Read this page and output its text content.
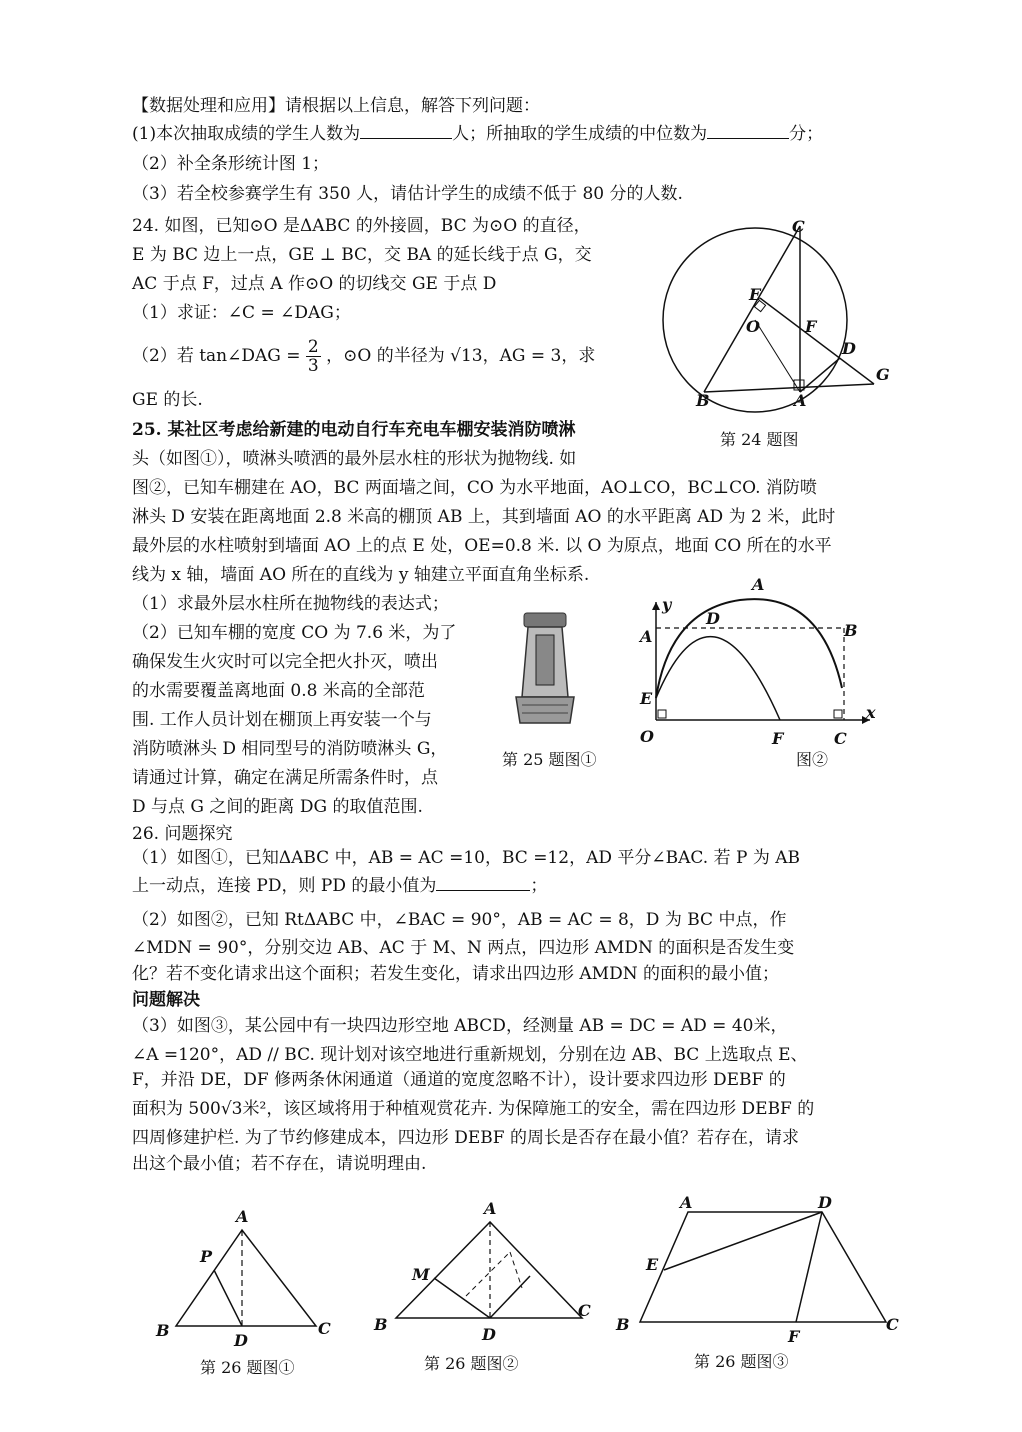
【数据处理和应用】请根据以上信息，解答下列问题：
(1)本次抽取成绩的学生人数为	人；所抽取的学生成绩的中位数为	分；
（2）补全条形统计图 1；
（3）若全校参赛学生有 350 人，请估计学生的成绩不低于 80 分的人数.
24. 如图，已知⊙O 是ΔABC 的外接圆，BC 为⊙O 的直径，
E 为 BC 边上一点，GE ⊥ BC，交 BA 的延长线于点 G，交
AC 于点 F，过点 A 作⊙O 的切线交 GE 于点 D
（1）求证：∠C = ∠DAG；
（2）若 tan∠DAG = $\frac{2}{3}$ ，⊙O 的半径为 √13，AG = 3，求
GE 的长.
C
E
O	F
D
G
B	A
第 24 题图
25. 某社区考虑给新建的电动自行车充电车棚安装消防喷淋
头（如图①），喷淋头喷洒的最外层水柱的形状为抛物线. 如
图②，已知车棚建在 AO，BC 两面墙之间，CO 为水平地面，AO⊥CO，BC⊥CO. 消防喷
淋头 D 安装在距离地面 2.8 米高的棚顶 AB 上，其到墙面 AO 的水平距离 AD 为 2 米，此时
最外层的水柱喷射到墙面 AO 上的点 E 处，OE=0.8 米. 以 O 为原点，地面 CO 所在的水平
线为 x 轴，墙面 AO 所在的直线为 y 轴建立平面直角坐标系.
（1）求最外层水柱所在抛物线的表达式；
（2）已知车棚的宽度 CO 为 7.6 米，为了
确保发生火灾时可以完全把火扑灭，喷出
的水需要覆盖离地面 0.8 米高的全部范
围. 工作人员计划在棚顶上再安装一个与
消防喷淋头 D 相同型号的消防喷淋头 G，
请通过计算，确定在满足所需条件时，点
D 与点 G 之间的距离 DG 的取值范围.
第 25 题图①
y
A
A
D
B
E
O	F	C
x
图②
26. 问题探究
（1）如图①，已知ΔABC 中，AB = AC =10，BC =12，AD 平分∠BAC. 若 P 为 AB
上一动点，连接 PD，则 PD 的最小值为	；
（2）如图②，已知 RtΔABC 中，∠BAC = 90°，AB = AC = 8，D 为 BC 中点，作
∠MDN = 90°，分别交边 AB、AC 于 M、N 两点，四边形 AMDN 的面积是否发生变
化？若不变化请求出这个面积；若发生变化，请求出四边形 AMDN 的面积的最小值；
问题解决
（3）如图③，某公园中有一块四边形空地 ABCD，经测量 AB = DC = AD = 40米，
∠A =120°，AD // BC. 现计划对该空地进行重新规划，分别在边 AB、BC 上选取点 E、
F，并沿 DE，DF 修两条休闲通道（通道的宽度忽略不计），设计要求四边形 DEBF 的
面积为 500√3米²，该区域将用于种植观赏花卉. 为保障施工的安全，需在四边形 DEBF 的
四周修建护栏. 为了节约修建成本，四边形 DEBF 的周长是否存在最小值？若存在，请求
出这个最小值；若不存在，请说明理由.
A
P
B
D
C
第 26 题图①
A
M
B
D
C
第 26 题图②
A	D
E
B
F
C
第 26 题图③
